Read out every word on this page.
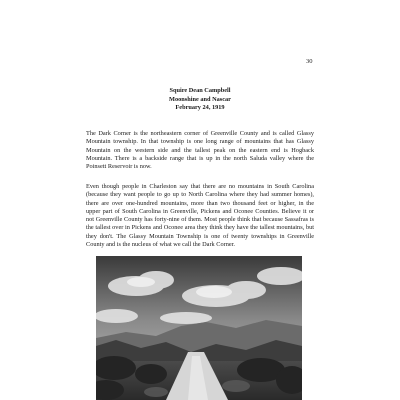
30
Squire Dean Campbell
Moonshine and Nascar
February 24, 1919

The Dark Corner is the northeastern corner of Greenville County and is called Glassy Mountain township. In that township is one long range of mountains that has Glassy Mountain on the western side and the tallest peak on the eastern end is Hogback Mountain. There is a backside range that is up in the north Saluda valley where the Poinsett Reservoir is now.

Even though people in Charleston say that there are no mountains in South Carolina (because they want people to go up to North Carolina where they had summer homes), there are over one-hundred mountains, more than two thousand feet or higher, in the upper part of South Carolina in Greenville, Pickens and Oconee Counties. Believe it or not Greenville County has forty-nine of them. Most people think that because Sassafras is the tallest over in Pickens and Oconee area they think they have the tallest mountains, but they don't. The Glassy Mountain Township is one of twenty townships in Greenville County and is the nucleus of what we call the Dark Corner.
